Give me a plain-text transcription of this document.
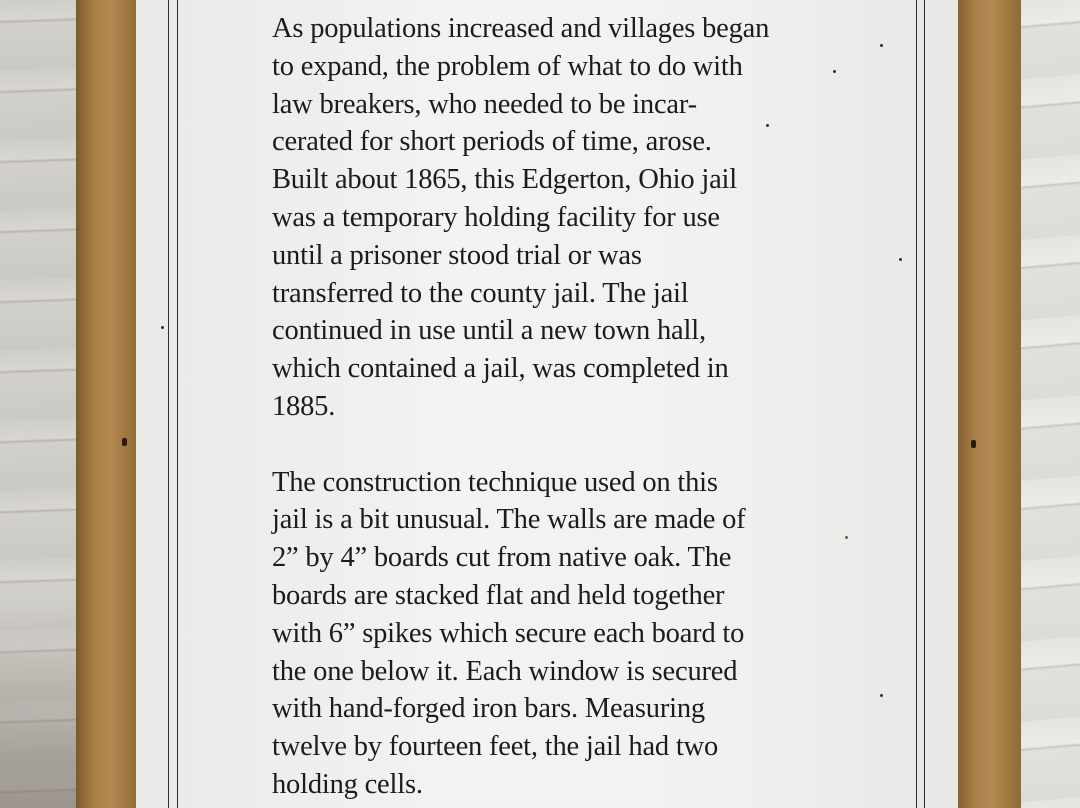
As populations increased and villages began
to expand, the problem of what to do with
law breakers, who needed to be incar-
cerated for short periods of time, arose.
Built about 1865, this Edgerton, Ohio jail
was a temporary holding facility for use
until a prisoner stood trial or was
transferred to the county jail. The jail
continued in use until a new town hall,
which contained a jail, was completed in
1885.
The construction technique used on this
jail is a bit unusual. The walls are made of
2” by 4” boards cut from native oak. The
boards are stacked flat and held together
with 6” spikes which secure each board to
the one below it. Each window is secured
with hand-forged iron bars. Measuring
twelve by fourteen feet, the jail had two
holding cells.
